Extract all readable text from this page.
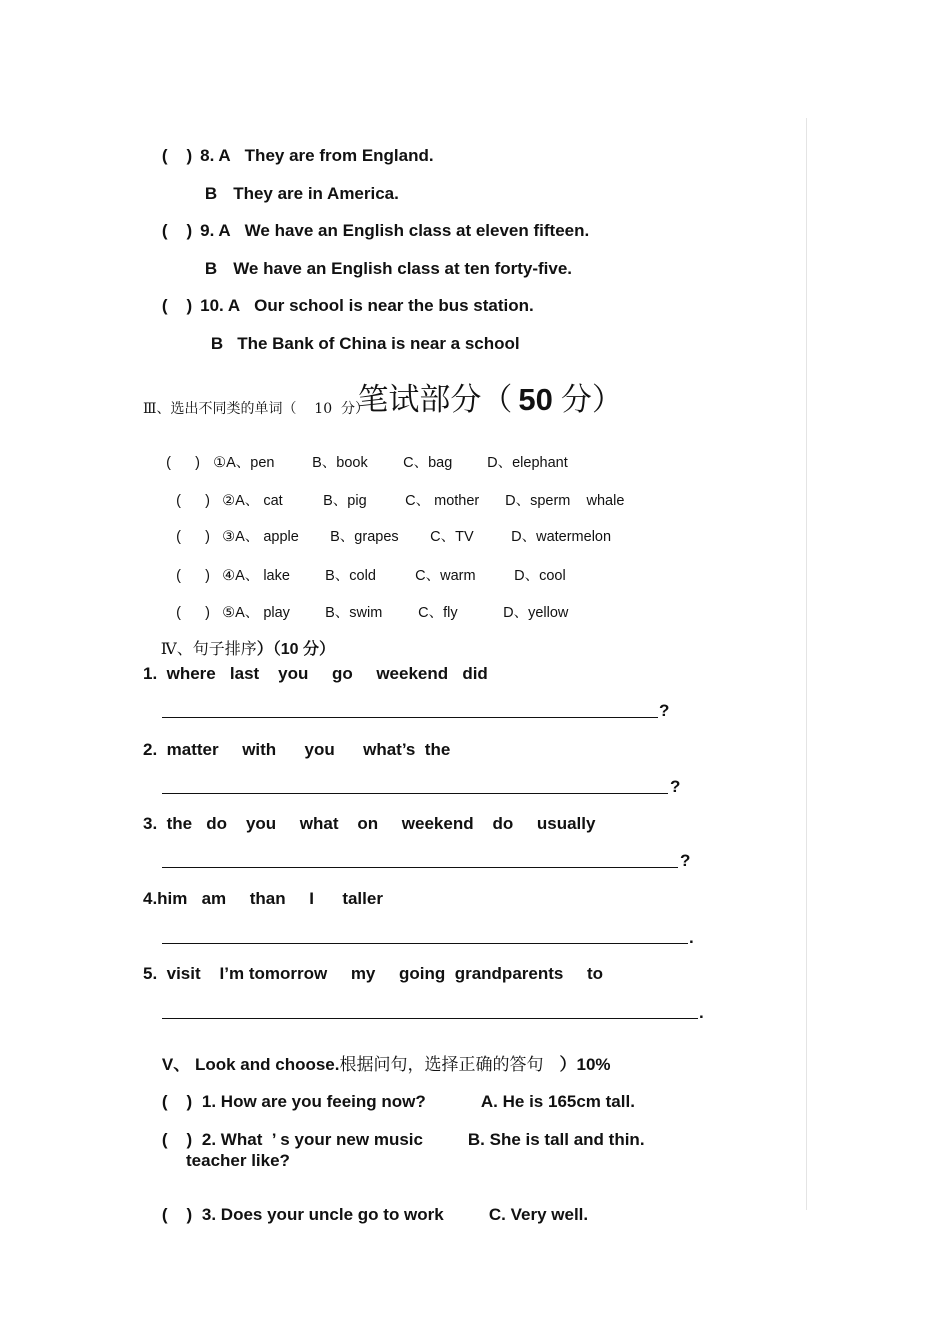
(    ) 8. A They are from England.

B They are in America.

(    ) 9. A We have an English class at eleven fifteen.

B We have an English class at ten forty-five.

(    ) 10. A Our school is near the bus station.

B The Bank of China is near a school

笔试部分（ 50 分）

Ⅲ、选出不同类的单词（    10  分）

(      ) ①A、pen	B、book C、bag D、elephant

(      ) ②A、 cat	B、pig	C、 mother D、sperm    whale

(      ) ③A、 apple B、grapes C、TV	D、watermelon

(      ) ④A、 lake B、cold	C、warm	D、cool

(      ) ⑤A、 play B、swim C、fly	D、yellow

Ⅳ、句子排序）（10 分）

1.  where   last    you     go     weekend   did
?
2.  matter     with      you      what’s  the
?
3.  the   do    you     what    on     weekend    do     usually
?
4.him   am     than     I      taller
.
5.  visit    I’m tomorrow     my     going  grandparents     to
.

V、 Look and choose.根据问句，选择正确的答句 ）10%

(    ) 1. How are you feeing now?	A. He is 165cm tall.

(    ) 2. What  ’ s your new music	B. She is tall and thin.

teacher like?

(    ) 3. Does your uncle go to work	C. Very well.
